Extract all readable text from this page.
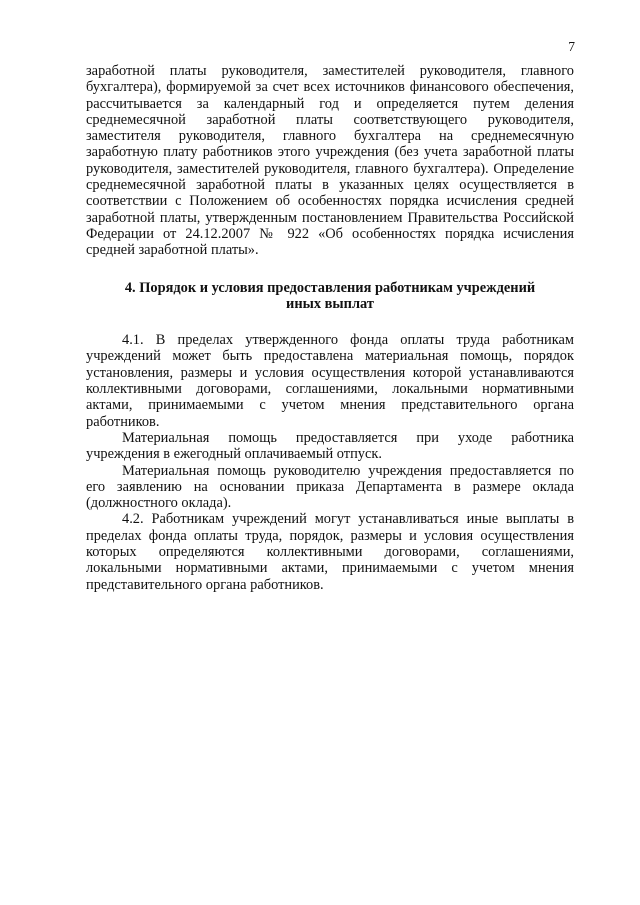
7

заработной платы руководителя, заместителей руководителя, главного бухгалтера), формируемой за счет всех источников финансового обеспечения, рассчитывается за календарный год и определяется путем деления среднемесячной заработной платы соответствующего руководителя, заместителя руководителя, главного бухгалтера на среднемесячную заработную плату работников этого учреждения (без учета заработной платы руководителя, заместителей руководителя, главного бухгалтера). Определение среднемесячной заработной платы в указанных целях осуществляется в соответствии с Положением об особенностях порядка исчисления средней заработной платы, утвержденным постановлением Правительства Российской Федерации от 24.12.2007 № 922 «Об особенностях порядка исчисления средней заработной платы».

4. Порядок и условия предоставления работникам учреждений
иных выплат

4.1. В пределах утвержденного фонда оплаты труда работникам учреждений может быть предоставлена материальная помощь, порядок установления, размеры и условия осуществления которой устанавливаются коллективными договорами, соглашениями, локальными нормативными актами, принимаемыми с учетом мнения представительного органа работников.

Материальная помощь предоставляется при уходе работника учреждения в ежегодный оплачиваемый отпуск.

Материальная помощь руководителю учреждения предоставляется по его заявлению на основании приказа Департамента в размере оклада (должностного оклада).

4.2. Работникам учреждений могут устанавливаться иные выплаты в пределах фонда оплаты труда, порядок, размеры и условия осуществления которых определяются коллективными договорами, соглашениями, локальными нормативными актами, принимаемыми с учетом мнения представительного органа работников.
